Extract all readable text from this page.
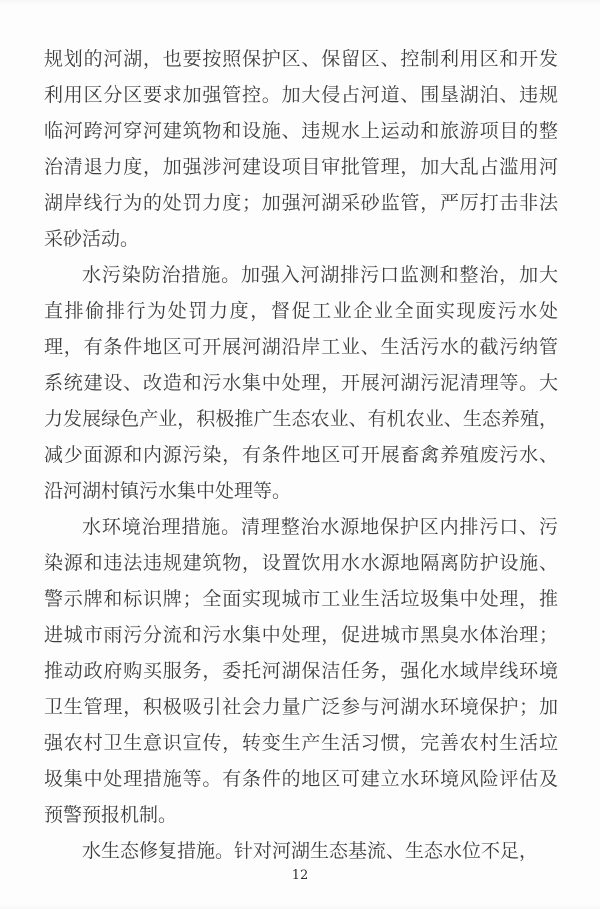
规划的河湖，也要按照保护区、保留区、控制利用区和开发
利用区分区要求加强管控。加大侵占河道、围垦湖泊、违规
临河跨河穿河建筑物和设施、违规水上运动和旅游项目的整
治清退力度，加强涉河建设项目审批管理，加大乱占滥用河
湖岸线行为的处罚力度；加强河湖采砂监管，严厉打击非法
采砂活动。
水污染防治措施。加强入河湖排污口监测和整治，加大
直排偷排行为处罚力度，督促工业企业全面实现废污水处
理，有条件地区可开展河湖沿岸工业、生活污水的截污纳管
系统建设、改造和污水集中处理，开展河湖污泥清理等。大
力发展绿色产业，积极推广生态农业、有机农业、生态养殖，
减少面源和内源污染，有条件地区可开展畜禽养殖废污水、
沿河湖村镇污水集中处理等。
水环境治理措施。清理整治水源地保护区内排污口、污
染源和违法违规建筑物，设置饮用水水源地隔离防护设施、
警示牌和标识牌；全面实现城市工业生活垃圾集中处理，推
进城市雨污分流和污水集中处理，促进城市黑臭水体治理；
推动政府购买服务，委托河湖保洁任务，强化水域岸线环境
卫生管理，积极吸引社会力量广泛参与河湖水环境保护；加
强农村卫生意识宣传，转变生产生活习惯，完善农村生活垃
圾集中处理措施等。有条件的地区可建立水环境风险评估及
预警预报机制。
水生态修复措施。针对河湖生态基流、生态水位不足，
12
